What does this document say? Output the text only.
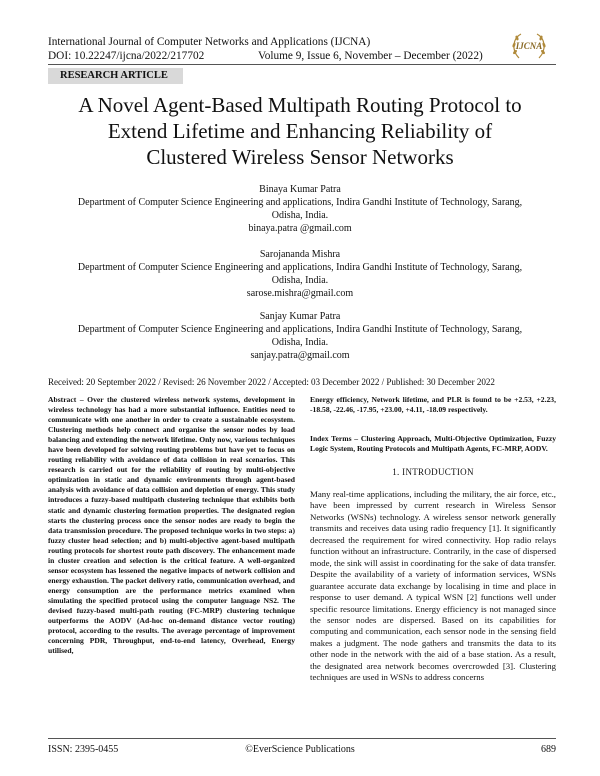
International Journal of Computer Networks and Applications (IJCNA)
DOI: 10.22247/ijcna/2022/217702	Volume 9, Issue 6, November – December (2022)
IJCNA
RESEARCH ARTICLE
A Novel Agent-Based Multipath Routing Protocol to
Extend Lifetime and Enhancing Reliability of
Clustered Wireless Sensor Networks
Binaya Kumar Patra
Department of Computer Science Engineering and applications, Indira Gandhi Institute of Technology, Sarang,
Odisha, India.
binaya.patra @gmail.com
Sarojananda Mishra
Department of Computer Science Engineering and applications, Indira Gandhi Institute of Technology, Sarang,
Odisha, India.
sarose.mishra@gmail.com
Sanjay Kumar Patra
Department of Computer Science Engineering and applications, Indira Gandhi Institute of Technology, Sarang,
Odisha, India.
sanjay.patra@gmail.com
Received: 20 September 2022 / Revised: 26 November 2022 / Accepted: 03 December 2022 / Published: 30 December 2022
Abstract – Over the clustered wireless network systems, development in wireless technology has had a more substantial influence. Entities need to communicate with one another in order to create a sustainable ecosystem. Clustering methods help connect and organise the sensor nodes by load balancing and extending the network lifetime. Only now, various techniques have been developed for solving routing problems but have yet to focus on routing reliability with avoidance of data collision in real scenarios. This research is carried out for the reliability of routing by multi-objective optimization in static and dynamic environments through agent-based analysis with avoidance of data collision and depletion of energy. This study introduces a fuzzy-based multipath clustering technique that exhibits both static and dynamic clustering formation properties. The designated region starts the clustering process once the sensor nodes are ready to begin the data transmission procedure. The proposed technique works in two steps: a) fuzzy cluster head selection; and b) multi-objective agent-based multipath routing protocols for shortest route path discovery. The enhancement made in cluster creation and selection is the critical feature. A well-organized sensor ecosystem has lessened the negative impacts of network collision and energy exhaustion. The packet delivery ratio, communication overhead, and energy consumption are the performance metrics examined when simulating the specified protocol using the computer language NS2. The devised fuzzy-based multi-path routing (FC-MRP) clustering technique outperforms the AODV (Ad-hoc on-demand distance vector routing) protocol, according to the results. The average percentage of improvement concerning PDR, Throughput, end-to-end latency, Overhead, Energy utilised,
Energy efficiency, Network lifetime, and PLR is found to be +2.53, +2.23, -18.58, -22.46, -17.95, +23.00, +4.11, -18.09 respectively.
Index Terms – Clustering Approach, Multi-Objective Optimization, Fuzzy Logic System, Routing Protocols and Multipath Agents, FC-MRP, AODV.
1. INTRODUCTION
Many real-time applications, including the military, the air force, etc., have been impressed by current research in Wireless Sensor Networks (WSNs) technology. A wireless sensor network generally transmits and receives data using radio frequency [1]. It significantly decreased the requirement for wired connectivity. Hop radio relays function without an infrastructure. Contrarily, in the case of dispersed mode, the sink will assist in coordinating for the sake of data transfer. Despite the availability of a variety of information services, WSNs guarantee accurate data exchange by localising in time and place in response to user demand. A typical WSN [2] functions well under specific resource limitations. Energy efficiency is not managed since the sensor nodes are dispersed. Based on its capabilities for computing and communication, each sensor node in the sensing field makes a judgment. The node gathers and transmits the data to its other node in the network with the aid of a base station. As a result, the designated area network becomes overcrowded [3]. Clustering techniques are used in WSNs to address concerns
ISSN: 2395-0455	©EverScience Publications	689
